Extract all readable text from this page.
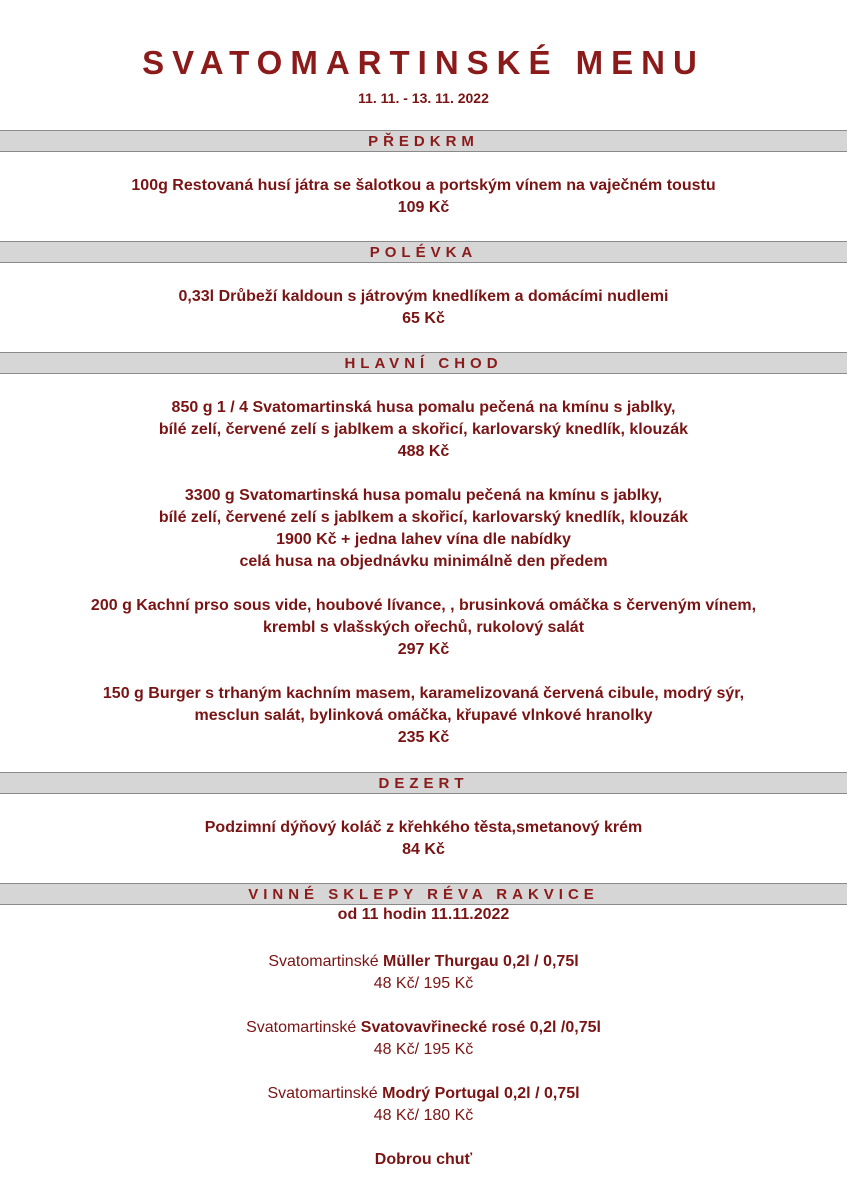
SVATOMARTINSKÉ MENU
11. 11. - 13. 11. 2022
PŘEDKRM
100g Restovaná husí játra se šalotkou a portským vínem na vaječném toustu
109 Kč
POLÉVKA
0,33l Drůbeží kaldoun s játrovým knedlíkem a domácími nudlemi
65 Kč
HLAVNÍ CHOD
850 g 1 / 4 Svatomartinská husa pomalu pečená na kmínu s jablky,
bílé zelí, červené zelí s jablkem a skořicí, karlovarský knedlík, klouzák
488 Kč
3300 g Svatomartinská husa pomalu pečená na kmínu s jablky,
bílé zelí, červené zelí s jablkem a skořicí, karlovarský knedlík, klouzák
1900 Kč + jedna lahev vína dle nabídky
celá husa na objednávku minimálně den předem
200 g Kachní prso sous vide, houbové lívance, , brusinková omáčka s červeným vínem,
krembl s vlašských ořechů, rukolový salát
297 Kč
150 g Burger s trhaným kachním masem, karamelizovaná červená cibule, modrý sýr,
mesclun salát, bylinková omáčka, křupavé vlnkové hranolky
235 Kč
DEZERT
Podzimní dýňový koláč z křehkého těsta,smetanový krém
84 Kč
VINNÉ SKLEPY RÉVA RAKVICE
od 11 hodin 11.11.2022
Svatomartinské Müller Thurgau 0,2l / 0,75l
48 Kč/ 195 Kč
Svatomartinské Svatovavřinecké rosé 0,2l /0,75l
48 Kč/ 195 Kč
Svatomartinské Modrý Portugal 0,2l / 0,75l
48 Kč/ 180 Kč
Dobrou chuť
